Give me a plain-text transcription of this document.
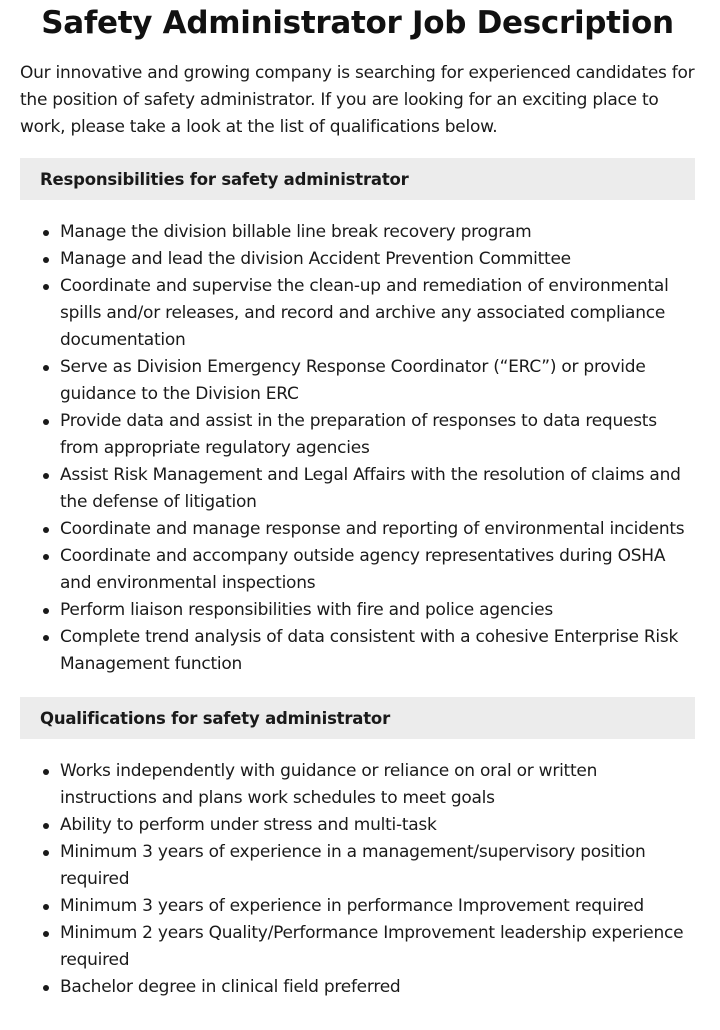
Safety Administrator Job Description

Our innovative and growing company is searching for experienced candidates for the position of safety administrator. If you are looking for an exciting place to work, please take a look at the list of qualifications below.

Responsibilities for safety administrator
Manage the division billable line break recovery program
Manage and lead the division Accident Prevention Committee
Coordinate and supervise the clean-up and remediation of environmental spills and/or releases, and record and archive any associated compliance documentation
Serve as Division Emergency Response Coordinator (“ERC”) or provide guidance to the Division ERC
Provide data and assist in the preparation of responses to data requests from appropriate regulatory agencies
Assist Risk Management and Legal Affairs with the resolution of claims and the defense of litigation
Coordinate and manage response and reporting of environmental incidents
Coordinate and accompany outside agency representatives during OSHA and environmental inspections
Perform liaison responsibilities with fire and police agencies
Complete trend analysis of data consistent with a cohesive Enterprise Risk Management function
Qualifications for safety administrator
Works independently with guidance or reliance on oral or written instructions and plans work schedules to meet goals
Ability to perform under stress and multi-task
Minimum 3 years of experience in a management/supervisory position required
Minimum 3 years of experience in performance Improvement required
Minimum 2 years Quality/Performance Improvement leadership experience required
Bachelor degree in clinical field preferred
